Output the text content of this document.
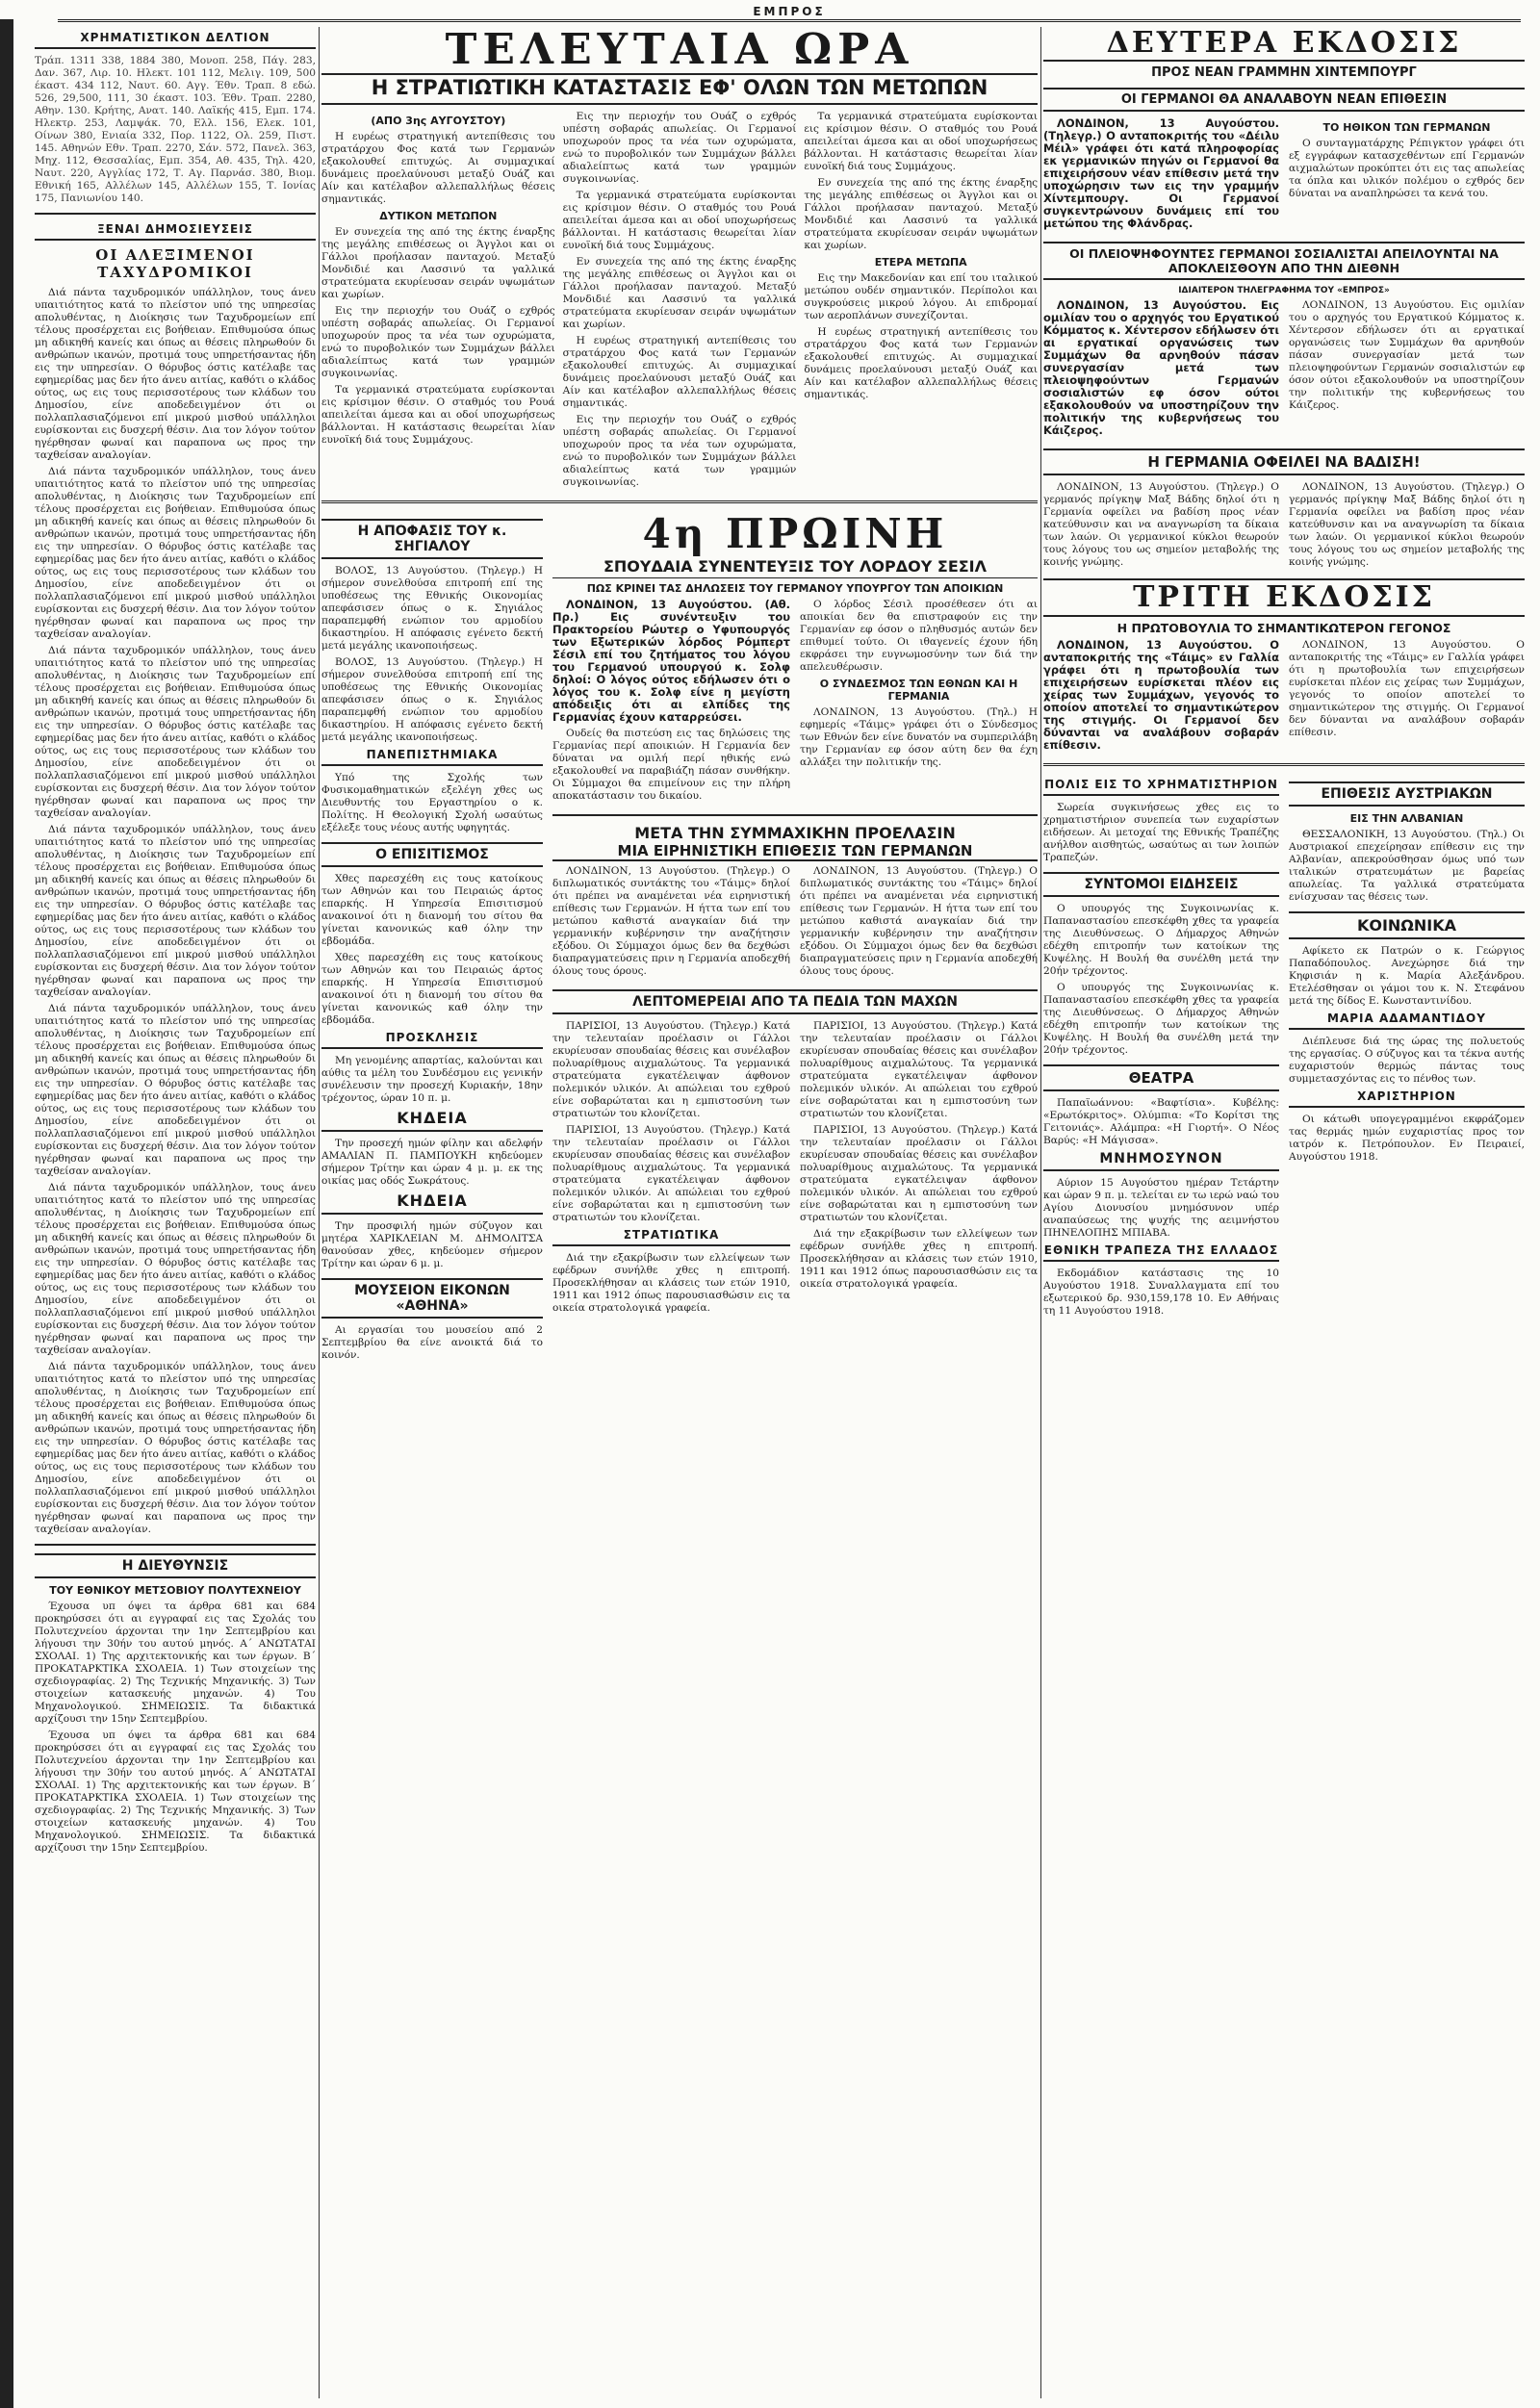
ΕΜΠΡΟΣ
ΧΡΗΜΑΤΙΣΤΙΚΟΝ ΔΕΛΤΙΟΝ
Τράπ. 1311 338, 1884 380, Μονοπ. 258, Πάγ. 283, Δαν. 367, Λιρ. 10. Ηλεκτ. 101 112, Μελιγ. 109, 500 έκαστ. 434 112, Ναυτ. 60. Αγγ. Έθν. Τραπ. 8 εδώ. 526, 29,500, 111, 30 έκαστ. 103. Έθν. Τραπ. 2280, Αθην. 130. Κρήτης, Ανατ. 140. Λαϊκής 415, Εμπ. 174. Ηλεκτρ. 253, Λαμψάκ. 70, Ελλ. 156, Ελεκ. 101, Οίνων 380, Ενιαία 332, Πορ. 1122, Ολ. 259, Πιστ. 145. Αθηνών Εθν. Τραπ. 2270, Σάν. 572, Πανελ. 363, Μηχ. 112, Θεσσαλίας, Εμπ. 354, Αθ. 435, Τηλ. 420, Ναυτ. 220, Αγγλίας 172, Τ. Αγ. Παρνάσ. 380, Βιομ. Εθνική 165, Αλλέλων 145, Αλλέλων 155, Τ. Ιονίας 175, Πανιωνίου 140.
ΞΕΝΑΙ ΔΗΜΟΣΙΕΥΣΕΙΣ
ΟΙ ΑΛΕΞΙΜΕΝΟΙ ΤΑΧΥΔΡΟΜΙΚΟΙ

Διά πάντα ταχυδρομικόν υπάλληλον, τους άνευ υπαιτιότητος κατά το πλείστον υπό της υπηρεσίας απολυθέντας, η Διοίκησις των Ταχυδρομείων επί τέλους προσέρχεται εις βοήθειαν. Επιθυμούσα όπως μη αδικηθή κανείς και όπως αι θέσεις πληρωθούν δι ανθρώπων ικανών, προτιμά τους υπηρετήσαντας ήδη εις την υπηρεσίαν. Ο θόρυβος όστις κατέλαβε τας εφημερίδας μας δεν ήτο άνευ αιτίας, καθότι ο κλάδος ούτος, ως εις τους περισσοτέρους των κλάδων του Δημοσίου, είνε αποδεδειγμένον ότι οι πολλαπλασιαζόμενοι επί μικρού μισθού υπάλληλοι ευρίσκονται εις δυσχερή θέσιν. Δια τον λόγον τούτον ηγέρθησαν φωναί και παραπονα ως προς την ταχθείσαν αναλογίαν.

Διά πάντα ταχυδρομικόν υπάλληλον, τους άνευ υπαιτιότητος κατά το πλείστον υπό της υπηρεσίας απολυθέντας, η Διοίκησις των Ταχυδρομείων επί τέλους προσέρχεται εις βοήθειαν. Επιθυμούσα όπως μη αδικηθή κανείς και όπως αι θέσεις πληρωθούν δι ανθρώπων ικανών, προτιμά τους υπηρετήσαντας ήδη εις την υπηρεσίαν. Ο θόρυβος όστις κατέλαβε τας εφημερίδας μας δεν ήτο άνευ αιτίας, καθότι ο κλάδος ούτος, ως εις τους περισσοτέρους των κλάδων του Δημοσίου, είνε αποδεδειγμένον ότι οι πολλαπλασιαζόμενοι επί μικρού μισθού υπάλληλοι ευρίσκονται εις δυσχερή θέσιν. Δια τον λόγον τούτον ηγέρθησαν φωναί και παραπονα ως προς την ταχθείσαν αναλογίαν.

Διά πάντα ταχυδρομικόν υπάλληλον, τους άνευ υπαιτιότητος κατά το πλείστον υπό της υπηρεσίας απολυθέντας, η Διοίκησις των Ταχυδρομείων επί τέλους προσέρχεται εις βοήθειαν. Επιθυμούσα όπως μη αδικηθή κανείς και όπως αι θέσεις πληρωθούν δι ανθρώπων ικανών, προτιμά τους υπηρετήσαντας ήδη εις την υπηρεσίαν. Ο θόρυβος όστις κατέλαβε τας εφημερίδας μας δεν ήτο άνευ αιτίας, καθότι ο κλάδος ούτος, ως εις τους περισσοτέρους των κλάδων του Δημοσίου, είνε αποδεδειγμένον ότι οι πολλαπλασιαζόμενοι επί μικρού μισθού υπάλληλοι ευρίσκονται εις δυσχερή θέσιν. Δια τον λόγον τούτον ηγέρθησαν φωναί και παραπονα ως προς την ταχθείσαν αναλογίαν.

Διά πάντα ταχυδρομικόν υπάλληλον, τους άνευ υπαιτιότητος κατά το πλείστον υπό της υπηρεσίας απολυθέντας, η Διοίκησις των Ταχυδρομείων επί τέλους προσέρχεται εις βοήθειαν. Επιθυμούσα όπως μη αδικηθή κανείς και όπως αι θέσεις πληρωθούν δι ανθρώπων ικανών, προτιμά τους υπηρετήσαντας ήδη εις την υπηρεσίαν. Ο θόρυβος όστις κατέλαβε τας εφημερίδας μας δεν ήτο άνευ αιτίας, καθότι ο κλάδος ούτος, ως εις τους περισσοτέρους των κλάδων του Δημοσίου, είνε αποδεδειγμένον ότι οι πολλαπλασιαζόμενοι επί μικρού μισθού υπάλληλοι ευρίσκονται εις δυσχερή θέσιν. Δια τον λόγον τούτον ηγέρθησαν φωναί και παραπονα ως προς την ταχθείσαν αναλογίαν.

Διά πάντα ταχυδρομικόν υπάλληλον, τους άνευ υπαιτιότητος κατά το πλείστον υπό της υπηρεσίας απολυθέντας, η Διοίκησις των Ταχυδρομείων επί τέλους προσέρχεται εις βοήθειαν. Επιθυμούσα όπως μη αδικηθή κανείς και όπως αι θέσεις πληρωθούν δι ανθρώπων ικανών, προτιμά τους υπηρετήσαντας ήδη εις την υπηρεσίαν. Ο θόρυβος όστις κατέλαβε τας εφημερίδας μας δεν ήτο άνευ αιτίας, καθότι ο κλάδος ούτος, ως εις τους περισσοτέρους των κλάδων του Δημοσίου, είνε αποδεδειγμένον ότι οι πολλαπλασιαζόμενοι επί μικρού μισθού υπάλληλοι ευρίσκονται εις δυσχερή θέσιν. Δια τον λόγον τούτον ηγέρθησαν φωναί και παραπονα ως προς την ταχθείσαν αναλογίαν.

Διά πάντα ταχυδρομικόν υπάλληλον, τους άνευ υπαιτιότητος κατά το πλείστον υπό της υπηρεσίας απολυθέντας, η Διοίκησις των Ταχυδρομείων επί τέλους προσέρχεται εις βοήθειαν. Επιθυμούσα όπως μη αδικηθή κανείς και όπως αι θέσεις πληρωθούν δι ανθρώπων ικανών, προτιμά τους υπηρετήσαντας ήδη εις την υπηρεσίαν. Ο θόρυβος όστις κατέλαβε τας εφημερίδας μας δεν ήτο άνευ αιτίας, καθότι ο κλάδος ούτος, ως εις τους περισσοτέρους των κλάδων του Δημοσίου, είνε αποδεδειγμένον ότι οι πολλαπλασιαζόμενοι επί μικρού μισθού υπάλληλοι ευρίσκονται εις δυσχερή θέσιν. Δια τον λόγον τούτον ηγέρθησαν φωναί και παραπονα ως προς την ταχθείσαν αναλογίαν.

Διά πάντα ταχυδρομικόν υπάλληλον, τους άνευ υπαιτιότητος κατά το πλείστον υπό της υπηρεσίας απολυθέντας, η Διοίκησις των Ταχυδρομείων επί τέλους προσέρχεται εις βοήθειαν. Επιθυμούσα όπως μη αδικηθή κανείς και όπως αι θέσεις πληρωθούν δι ανθρώπων ικανών, προτιμά τους υπηρετήσαντας ήδη εις την υπηρεσίαν. Ο θόρυβος όστις κατέλαβε τας εφημερίδας μας δεν ήτο άνευ αιτίας, καθότι ο κλάδος ούτος, ως εις τους περισσοτέρους των κλάδων του Δημοσίου, είνε αποδεδειγμένον ότι οι πολλαπλασιαζόμενοι επί μικρού μισθού υπάλληλοι ευρίσκονται εις δυσχερή θέσιν. Δια τον λόγον τούτον ηγέρθησαν φωναί και παραπονα ως προς την ταχθείσαν αναλογίαν.

Η ΔΙΕΥΘΥΝΣΙΣ
ΤΟΥ ΕΘΝΙΚΟΥ ΜΕΤΣΟΒΙΟΥ ΠΟΛΥΤΕΧΝΕΙΟΥ

Έχουσα υπ όψει τα άρθρα 681 και 684 προκηρύσσει ότι αι εγγραφαί εις τας Σχολάς του Πολυτεχνείου άρχονται την 1ην Σεπτεμβρίου και λήγουσι την 30ήν του αυτού μηνός. Α΄ ΑΝΩΤΑΤΑΙ ΣΧΟΛΑΙ. 1) Της αρχιτεκτονικής και των έργων. Β΄ ΠΡΟΚΑΤΑΡΚΤΙΚΑ ΣΧΟΛΕΙΑ. 1) Των στοιχείων της σχεδιογραφίας. 2) Της Τεχνικής Μηχανικής. 3) Των στοιχείων κατασκευής μηχανών. 4) Του Μηχανολογικού. ΣΗΜΕΙΩΣΙΣ. Τα διδακτικά αρχίζουσι την 15ην Σεπτεμβρίου.

Έχουσα υπ όψει τα άρθρα 681 και 684 προκηρύσσει ότι αι εγγραφαί εις τας Σχολάς του Πολυτεχνείου άρχονται την 1ην Σεπτεμβρίου και λήγουσι την 30ήν του αυτού μηνός. Α΄ ΑΝΩΤΑΤΑΙ ΣΧΟΛΑΙ. 1) Της αρχιτεκτονικής και των έργων. Β΄ ΠΡΟΚΑΤΑΡΚΤΙΚΑ ΣΧΟΛΕΙΑ. 1) Των στοιχείων της σχεδιογραφίας. 2) Της Τεχνικής Μηχανικής. 3) Των στοιχείων κατασκευής μηχανών. 4) Του Μηχανολογικού. ΣΗΜΕΙΩΣΙΣ. Τα διδακτικά αρχίζουσι την 15ην Σεπτεμβρίου.

ΤΕΛΕΥΤΑΙΑ ΩΡΑ
Η ΣΤΡΑΤΙΩΤΙΚΗ ΚΑΤΑΣΤΑΣΙΣ ΕΦ' ΟΛΩΝ ΤΩΝ ΜΕΤΩΠΩΝ
(ΑΠΟ 3ης ΑΥΓΟΥΣΤΟΥ)

Η ευρέως στρατηγική αντεπίθεσις του στρατάρχου Φος κατά των Γερμανών εξακολουθεί επιτυχώς. Αι συμμαχικαί δυνάμεις προελαύνουσι μεταξύ Ουάζ και Αίν και κατέλαβον αλλεπαλλήλως θέσεις σημαντικάς.

ΔΥΤΙΚΟΝ ΜΕΤΩΠΟΝ

Εν συνεχεία της από της έκτης έναρξης της μεγάλης επιθέσεως οι Άγγλοι και οι Γάλλοι προήλασαν πανταχού. Μεταξύ Μονδιδιέ και Λασσινύ τα γαλλικά στρατεύματα εκυρίευσαν σειράν υψωμάτων και χωρίων.

Εις την περιοχήν του Ουάζ ο εχθρός υπέστη σοβαράς απωλείας. Οι Γερμανοί υποχωρούν προς τα νέα των οχυρώματα, ενώ το πυροβολικόν των Συμμάχων βάλλει αδιαλείπτως κατά των γραμμών συγκοινωνίας.

Τα γερμανικά στρατεύματα ευρίσκονται εις κρίσιμον θέσιν. Ο σταθμός του Ρουά απειλείται άμεσα και αι οδοί υποχωρήσεως βάλλονται. Η κατάστασις θεωρείται λίαν ευνοϊκή διά τους Συμμάχους.

Εις την περιοχήν του Ουάζ ο εχθρός υπέστη σοβαράς απωλείας. Οι Γερμανοί υποχωρούν προς τα νέα των οχυρώματα, ενώ το πυροβολικόν των Συμμάχων βάλλει αδιαλείπτως κατά των γραμμών συγκοινωνίας.

Τα γερμανικά στρατεύματα ευρίσκονται εις κρίσιμον θέσιν. Ο σταθμός του Ρουά απειλείται άμεσα και αι οδοί υποχωρήσεως βάλλονται. Η κατάστασις θεωρείται λίαν ευνοϊκή διά τους Συμμάχους.

Εν συνεχεία της από της έκτης έναρξης της μεγάλης επιθέσεως οι Άγγλοι και οι Γάλλοι προήλασαν πανταχού. Μεταξύ Μονδιδιέ και Λασσινύ τα γαλλικά στρατεύματα εκυρίευσαν σειράν υψωμάτων και χωρίων.

Η ευρέως στρατηγική αντεπίθεσις του στρατάρχου Φος κατά των Γερμανών εξακολουθεί επιτυχώς. Αι συμμαχικαί δυνάμεις προελαύνουσι μεταξύ Ουάζ και Αίν και κατέλαβον αλλεπαλλήλως θέσεις σημαντικάς.

Εις την περιοχήν του Ουάζ ο εχθρός υπέστη σοβαράς απωλείας. Οι Γερμανοί υποχωρούν προς τα νέα των οχυρώματα, ενώ το πυροβολικόν των Συμμάχων βάλλει αδιαλείπτως κατά των γραμμών συγκοινωνίας.

Τα γερμανικά στρατεύματα ευρίσκονται εις κρίσιμον θέσιν. Ο σταθμός του Ρουά απειλείται άμεσα και αι οδοί υποχωρήσεως βάλλονται. Η κατάστασις θεωρείται λίαν ευνοϊκή διά τους Συμμάχους.

Εν συνεχεία της από της έκτης έναρξης της μεγάλης επιθέσεως οι Άγγλοι και οι Γάλλοι προήλασαν πανταχού. Μεταξύ Μονδιδιέ και Λασσινύ τα γαλλικά στρατεύματα εκυρίευσαν σειράν υψωμάτων και χωρίων.

ΕΤΕΡΑ ΜΕΤΩΠΑ

Εις την Μακεδονίαν και επί του ιταλικού μετώπου ουδέν σημαντικόν. Περίπολοι και συγκρούσεις μικρού λόγου. Αι επιδρομαί των αεροπλάνων συνεχίζονται.

Η ευρέως στρατηγική αντεπίθεσις του στρατάρχου Φος κατά των Γερμανών εξακολουθεί επιτυχώς. Αι συμμαχικαί δυνάμεις προελαύνουσι μεταξύ Ουάζ και Αίν και κατέλαβον αλλεπαλλήλως θέσεις σημαντικάς.

Η ΑΠΟΦΑΣΙΣ ΤΟΥ κ. ΣΗΓΙΑΛΟΥ

ΒΟΛΟΣ, 13 Αυγούστου. (Τηλεγρ.) Η σήμερον συνελθούσα επιτροπή επί της υποθέσεως της Εθνικής Οικονομίας απεφάσισεν όπως ο κ. Σηγιάλος παραπεμφθή ενώπιον του αρμοδίου δικαστηρίου. Η απόφασις εγένετο δεκτή μετά μεγάλης ικανοποιήσεως.

ΒΟΛΟΣ, 13 Αυγούστου. (Τηλεγρ.) Η σήμερον συνελθούσα επιτροπή επί της υποθέσεως της Εθνικής Οικονομίας απεφάσισεν όπως ο κ. Σηγιάλος παραπεμφθή ενώπιον του αρμοδίου δικαστηρίου. Η απόφασις εγένετο δεκτή μετά μεγάλης ικανοποιήσεως.

ΠΑΝΕΠΙΣΤΗΜΙΑΚΑ

Υπό της Σχολής των Φυσικομαθηματικών εξελέγη χθες ως Διευθυντής του Εργαστηρίου ο κ. Πολίτης. Η Θεολογική Σχολή ωσαύτως εξέλεξε τους νέους αυτής υφηγητάς.

Ο ΕΠΙΣΙΤΙΣΜΟΣ

Χθες παρεσχέθη εις τους κατοίκους των Αθηνών και του Πειραιώς άρτος επαρκής. Η Υπηρεσία Επισιτισμού ανακοινοί ότι η διανομή του σίτου θα γίνεται κανονικώς καθ όλην την εβδομάδα.

Χθες παρεσχέθη εις τους κατοίκους των Αθηνών και του Πειραιώς άρτος επαρκής. Η Υπηρεσία Επισιτισμού ανακοινοί ότι η διανομή του σίτου θα γίνεται κανονικώς καθ όλην την εβδομάδα.

ΠΡΟΣΚΛΗΣΙΣ

Μη γενομένης απαρτίας, καλούνται και αύθις τα μέλη του Συνδέσμου εις γενικήν συνέλευσιν την προσεχή Κυριακήν, 18ην τρέχοντος, ώραν 10 π. μ.

ΚΗΔΕΙΑ

Την προσεχή ημών φίλην και αδελφήν ΑΜΑΛΙΑΝ Π. ΠΑΜΠΟΥΚΗ κηδεύομεν σήμερον Τρίτην και ώραν 4 μ. μ. εκ της οικίας μας οδός Σωκράτους.

ΚΗΔΕΙΑ

Την προσφιλή ημών σύζυγον και μητέρα ΧΑΡΙΚΛΕΙΑΝ Μ. ΔΗΜΟΛΙΤΣΑ θανούσαν χθες, κηδεύομεν σήμερον Τρίτην και ώραν 6 μ. μ.

ΜΟΥΣΕΙΟΝ ΕΙΚΟΝΩΝ «ΑΘΗΝΑ»

Αι εργασίαι του μουσείου από 2 Σεπτεμβρίου θα είνε ανοικτά διά το κοινόν.

4η ΠΡΩΙΝΗ
ΣΠΟΥΔΑΙΑ ΣΥΝΕΝΤΕΥΞΙΣ ΤΟΥ ΛΟΡΔΟΥ ΣΕΣΙΛ
ΠΩΣ ΚΡΙΝΕΙ ΤΑΣ ΔΗΛΩΣΕΙΣ ΤΟΥ ΓΕΡΜΑΝΟΥ ΥΠΟΥΡΓΟΥ ΤΩΝ ΑΠΟΙΚΙΩΝ

ΛΟΝΔΙΝΟΝ, 13 Αυγούστου. (Αθ. Πρ.) Εις συνέντευξιν του Πρακτορείου Ρώυτερ ο Υφυπουργός των Εξωτερικών λόρδος Ρόμπερτ Σέσιλ επί του ζητήματος του λόγου του Γερμανού υπουργού κ. Σολφ δηλοί: Ο λόγος ούτος εδήλωσεν ότι ο λόγος του κ. Σολφ είνε η μεγίστη απόδειξις ότι αι ελπίδες της Γερμανίας έχουν καταρρεύσει.

Ουδείς θα πιστεύση εις τας δηλώσεις της Γερμανίας περί αποικιών. Η Γερμανία δεν δύναται να ομιλή περί ηθικής ενώ εξακολουθεί να παραβιάζη πάσαν συνθήκην. Οι Σύμμαχοι θα επιμείνουν εις την πλήρη αποκατάστασιν του δικαίου.

Ο λόρδος Σέσιλ προσέθεσεν ότι αι αποικίαι δεν θα επιστραφούν εις την Γερμανίαν εφ όσον ο πληθυσμός αυτών δεν επιθυμεί τούτο. Οι ιθαγενείς έχουν ήδη εκφράσει την ευγνωμοσύνην των διά την απελευθέρωσιν.

Ο ΣΥΝΔΕΣΜΟΣ ΤΩΝ ΕΘΝΩΝ ΚΑΙ Η ΓΕΡΜΑΝΙΑ

ΛΟΝΔΙΝΟΝ, 13 Αυγούστου. (Τηλ.) Η εφημερίς «Τάιμς» γράφει ότι ο Σύνδεσμος των Εθνών δεν είνε δυνατόν να συμπεριλάβη την Γερμανίαν εφ όσον αύτη δεν θα έχη αλλάξει την πολιτικήν της.

ΜΕΤΑ ΤΗΝ ΣΥΜΜΑΧΙΚΗΝ ΠΡΟΕΛΑΣΙΝ
ΜΙΑ ΕΙΡΗΝΙΣΤΙΚΗ ΕΠΙΘΕΣΙΣ ΤΩΝ ΓΕΡΜΑΝΩΝ

ΛΟΝΔΙΝΟΝ, 13 Αυγούστου. (Τηλεγρ.) Ο διπλωματικός συντάκτης του «Τάιμς» δηλοί ότι πρέπει να αναμένεται νέα ειρηνιστική επίθεσις των Γερμανών. Η ήττα των επί του μετώπου καθιστά αναγκαίαν διά την γερμανικήν κυβέρνησιν την αναζήτησιν εξόδου. Οι Σύμμαχοι όμως δεν θα δεχθώσι διαπραγματεύσεις πριν η Γερμανία αποδεχθή όλους τους όρους.

ΛΟΝΔΙΝΟΝ, 13 Αυγούστου. (Τηλεγρ.) Ο διπλωματικός συντάκτης του «Τάιμς» δηλοί ότι πρέπει να αναμένεται νέα ειρηνιστική επίθεσις των Γερμανών. Η ήττα των επί του μετώπου καθιστά αναγκαίαν διά την γερμανικήν κυβέρνησιν την αναζήτησιν εξόδου. Οι Σύμμαχοι όμως δεν θα δεχθώσι διαπραγματεύσεις πριν η Γερμανία αποδεχθή όλους τους όρους.

ΛΕΠΤΟΜΕΡΕΙΑΙ ΑΠΟ ΤΑ ΠΕΔΙΑ ΤΩΝ ΜΑΧΩΝ

ΠΑΡΙΣΙΟΙ, 13 Αυγούστου. (Τηλεγρ.) Κατά την τελευταίαν προέλασιν οι Γάλλοι εκυρίευσαν σπουδαίας θέσεις και συνέλαβον πολυαρίθμους αιχμαλώτους. Τα γερμανικά στρατεύματα εγκατέλειψαν άφθονον πολεμικόν υλικόν. Αι απώλειαι του εχθρού είνε σοβαρώταται και η εμπιστοσύνη των στρατιωτών του κλονίζεται.

ΠΑΡΙΣΙΟΙ, 13 Αυγούστου. (Τηλεγρ.) Κατά την τελευταίαν προέλασιν οι Γάλλοι εκυρίευσαν σπουδαίας θέσεις και συνέλαβον πολυαρίθμους αιχμαλώτους. Τα γερμανικά στρατεύματα εγκατέλειψαν άφθονον πολεμικόν υλικόν. Αι απώλειαι του εχθρού είνε σοβαρώταται και η εμπιστοσύνη των στρατιωτών του κλονίζεται.

ΣΤΡΑΤΙΩΤΙΚΑ

Διά την εξακρίβωσιν των ελλείψεων των εφέδρων συνήλθε χθες η επιτροπή. Προσεκλήθησαν αι κλάσεις των ετών 1910, 1911 και 1912 όπως παρουσιασθώσιν εις τα οικεία στρατολογικά γραφεία.

ΠΑΡΙΣΙΟΙ, 13 Αυγούστου. (Τηλεγρ.) Κατά την τελευταίαν προέλασιν οι Γάλλοι εκυρίευσαν σπουδαίας θέσεις και συνέλαβον πολυαρίθμους αιχμαλώτους. Τα γερμανικά στρατεύματα εγκατέλειψαν άφθονον πολεμικόν υλικόν. Αι απώλειαι του εχθρού είνε σοβαρώταται και η εμπιστοσύνη των στρατιωτών του κλονίζεται.

ΠΑΡΙΣΙΟΙ, 13 Αυγούστου. (Τηλεγρ.) Κατά την τελευταίαν προέλασιν οι Γάλλοι εκυρίευσαν σπουδαίας θέσεις και συνέλαβον πολυαρίθμους αιχμαλώτους. Τα γερμανικά στρατεύματα εγκατέλειψαν άφθονον πολεμικόν υλικόν. Αι απώλειαι του εχθρού είνε σοβαρώταται και η εμπιστοσύνη των στρατιωτών του κλονίζεται.

Διά την εξακρίβωσιν των ελλείψεων των εφέδρων συνήλθε χθες η επιτροπή. Προσεκλήθησαν αι κλάσεις των ετών 1910, 1911 και 1912 όπως παρουσιασθώσιν εις τα οικεία στρατολογικά γραφεία.

ΔΕΥΤΕΡΑ ΕΚΔΟΣΙΣ
ΠΡΟΣ ΝΕΑΝ ΓΡΑΜΜΗΝ ΧΙΝΤΕΜΠΟΥΡΓ
ΟΙ ΓΕΡΜΑΝΟΙ ΘΑ ΑΝΑΛΑΒΟΥΝ ΝΕΑΝ ΕΠΙΘΕΣΙΝ

ΛΟΝΔΙΝΟΝ, 13 Αυγούστου. (Τηλεγρ.) Ο ανταποκριτής του «Δέιλυ Μέιλ» γράφει ότι κατά πληροφορίας εκ γερμανικών πηγών οι Γερμανοί θα επιχειρήσουν νέαν επίθεσιν μετά την υποχώρησιν των εις την γραμμήν Χίντεμπουργ. Οι Γερμανοί συγκεντρώνουν δυνάμεις επί του μετώπου της Φλάνδρας.

ΤΟ ΗΘΙΚΟΝ ΤΩΝ ΓΕΡΜΑΝΩΝ

Ο συνταγματάρχης Ρέπιγκτον γράφει ότι εξ εγγράφων κατασχεθέντων επί Γερμανών αιχμαλώτων προκύπτει ότι εις τας απωλείας τα όπλα και υλικόν πολέμου ο εχθρός δεν δύναται να αναπληρώσει τα κενά του.

ΟΙ ΠΛΕΙΟΨΗΦΟΥΝΤΕΣ ΓΕΡΜΑΝΟΙ ΣΟΣΙΑΛΙΣΤΑΙ ΑΠΕΙΛΟΥΝΤΑΙ ΝΑ ΑΠΟΚΛΕΙΣΘΟΥΝ ΑΠΟ ΤΗΝ ΔΙΕΘΝΗ
ΙΔΙΑΙΤΕΡΟΝ ΤΗΛΕΓΡΑΦΗΜΑ ΤΟΥ «ΕΜΠΡΟΣ»

ΛΟΝΔΙΝΟΝ, 13 Αυγούστου. Εις ομιλίαν του ο αρχηγός του Εργατικού Κόμματος κ. Χέντερσον εδήλωσεν ότι αι εργατικαί οργανώσεις των Συμμάχων θα αρνηθούν πάσαν συνεργασίαν μετά των πλειοψηφούντων Γερμανών σοσιαλιστών εφ όσον ούτοι εξακολουθούν να υποστηρίζουν την πολιτικήν της κυβερνήσεως του Κάιζερος.

ΛΟΝΔΙΝΟΝ, 13 Αυγούστου. Εις ομιλίαν του ο αρχηγός του Εργατικού Κόμματος κ. Χέντερσον εδήλωσεν ότι αι εργατικαί οργανώσεις των Συμμάχων θα αρνηθούν πάσαν συνεργασίαν μετά των πλειοψηφούντων Γερμανών σοσιαλιστών εφ όσον ούτοι εξακολουθούν να υποστηρίζουν την πολιτικήν της κυβερνήσεως του Κάιζερος.

Η ΓΕΡΜΑΝΙΑ ΟΦΕΙΛΕΙ ΝΑ ΒΑΔΙΣΗ!

ΛΟΝΔΙΝΟΝ, 13 Αυγούστου. (Τηλεγρ.) Ο γερμανός πρίγκηψ Μαξ Βάδης δηλοί ότι η Γερμανία οφείλει να βαδίση προς νέαν κατεύθυνσιν και να αναγνωρίση τα δίκαια των λαών. Οι γερμανικοί κύκλοι θεωρούν τους λόγους του ως σημείον μεταβολής της κοινής γνώμης.

ΛΟΝΔΙΝΟΝ, 13 Αυγούστου. (Τηλεγρ.) Ο γερμανός πρίγκηψ Μαξ Βάδης δηλοί ότι η Γερμανία οφείλει να βαδίση προς νέαν κατεύθυνσιν και να αναγνωρίση τα δίκαια των λαών. Οι γερμανικοί κύκλοι θεωρούν τους λόγους του ως σημείον μεταβολής της κοινής γνώμης.

ΤΡΙΤΗ ΕΚΔΟΣΙΣ
Η ΠΡΩΤΟΒΟΥΛΙΑ ΤΟ ΣΗΜΑΝΤΙΚΩΤΕΡΟΝ ΓΕΓΟΝΟΣ

ΛΟΝΔΙΝΟΝ, 13 Αυγούστου. Ο ανταποκριτής της «Τάιμς» εν Γαλλία γράφει ότι η πρωτοβουλία των επιχειρήσεων ευρίσκεται πλέον εις χείρας των Συμμάχων, γεγονός το οποίον αποτελεί το σημαντικώτερον της στιγμής. Οι Γερμανοί δεν δύνανται να αναλάβουν σοβαράν επίθεσιν.

ΛΟΝΔΙΝΟΝ, 13 Αυγούστου. Ο ανταποκριτής της «Τάιμς» εν Γαλλία γράφει ότι η πρωτοβουλία των επιχειρήσεων ευρίσκεται πλέον εις χείρας των Συμμάχων, γεγονός το οποίον αποτελεί το σημαντικώτερον της στιγμής. Οι Γερμανοί δεν δύνανται να αναλάβουν σοβαράν επίθεσιν.

ΠΟΛΙΣ ΕΙΣ ΤΟ ΧΡΗΜΑΤΙΣΤΗΡΙΟΝ

Σωρεία συγκινήσεως χθες εις το χρηματιστήριον συνεπεία των ευχαρίστων ειδήσεων. Αι μετοχαί της Εθνικής Τραπέζης ανήλθον αισθητώς, ωσαύτως αι των λοιπών Τραπεζών.

ΣΥΝΤΟΜΟΙ ΕΙΔΗΣΕΙΣ

Ο υπουργός της Συγκοινωνίας κ. Παπαναστασίου επεσκέφθη χθες τα γραφεία της Διευθύνσεως. Ο Δήμαρχος Αθηνών εδέχθη επιτροπήν των κατοίκων της Κυψέλης. Η Βουλή θα συνέλθη μετά την 20ήν τρέχοντος.

Ο υπουργός της Συγκοινωνίας κ. Παπαναστασίου επεσκέφθη χθες τα γραφεία της Διευθύνσεως. Ο Δήμαρχος Αθηνών εδέχθη επιτροπήν των κατοίκων της Κυψέλης. Η Βουλή θα συνέλθη μετά την 20ήν τρέχοντος.

ΘΕΑΤΡΑ

Παπαϊωάννου: «Βαφτίσια». Κυβέλης: «Ερωτόκριτος». Ολύμπια: «Το Κορίτσι της Γειτονιάς». Αλάμπρα: «Η Γιορτή». Ο Νέος Βαρύς: «Η Μάγισσα».

ΜΝΗΜΟΣΥΝΟΝ

Αύριον 15 Αυγούστου ημέραν Τετάρτην και ώραν 9 π. μ. τελείται εν τω ιερώ ναώ του Αγίου Διονυσίου μνημόσυνον υπέρ αναπαύσεως της ψυχής της αειμνήστου ΠΗΝΕΛΟΠΗΣ ΜΠΙΑΒΑ.

ΕΘΝΙΚΗ ΤΡΑΠΕΖΑ ΤΗΣ ΕΛΛΑΔΟΣ

Εκδομάδιον κατάστασις της 10 Αυγούστου 1918. Συναλλαγματα επί του εξωτερικού δρ. 930,159,178 10. Εν Αθήναις τη 11 Αυγούστου 1918.

ΕΠΙΘΕΣΙΣ ΑΥΣΤΡΙΑΚΩΝ
ΕΙΣ ΤΗΝ ΑΛΒΑΝΙΑΝ

ΘΕΣΣΑΛΟΝΙΚΗ, 13 Αυγούστου. (Τηλ.) Οι Αυστριακοί επεχείρησαν επίθεσιν εις την Αλβανίαν, απεκρούσθησαν όμως υπό των ιταλικών στρατευμάτων με βαρείας απωλείας. Τα γαλλικά στρατεύματα ενίσχυσαν τας θέσεις των.

ΚΟΙΝΩΝΙΚΑ

Αφίκετο εκ Πατρών ο κ. Γεώργιος Παπαδόπουλος. Ανεχώρησε διά την Κηφισιάν η κ. Μαρία Αλεξάνδρου. Ετελέσθησαν οι γάμοι του κ. Ν. Στεφάνου μετά της δίδος Ε. Κωνσταντινίδου.

ΜΑΡΙΑ ΑΔΑΜΑΝΤΙΔΟΥ

Διέπλευσε διά της ώρας της πολυετούς της εργασίας. Ο σύζυγος και τα τέκνα αυτής ευχαριστούν θερμώς πάντας τους συμμετασχόντας εις το πένθος των.

ΧΑΡΙΣΤΗΡΙΟΝ

Οι κάτωθι υπογεγραμμένοι εκφράζομεν τας θερμάς ημών ευχαριστίας προς τον ιατρόν κ. Πετρόπουλον. Εν Πειραιεί, Αυγούστου 1918.
